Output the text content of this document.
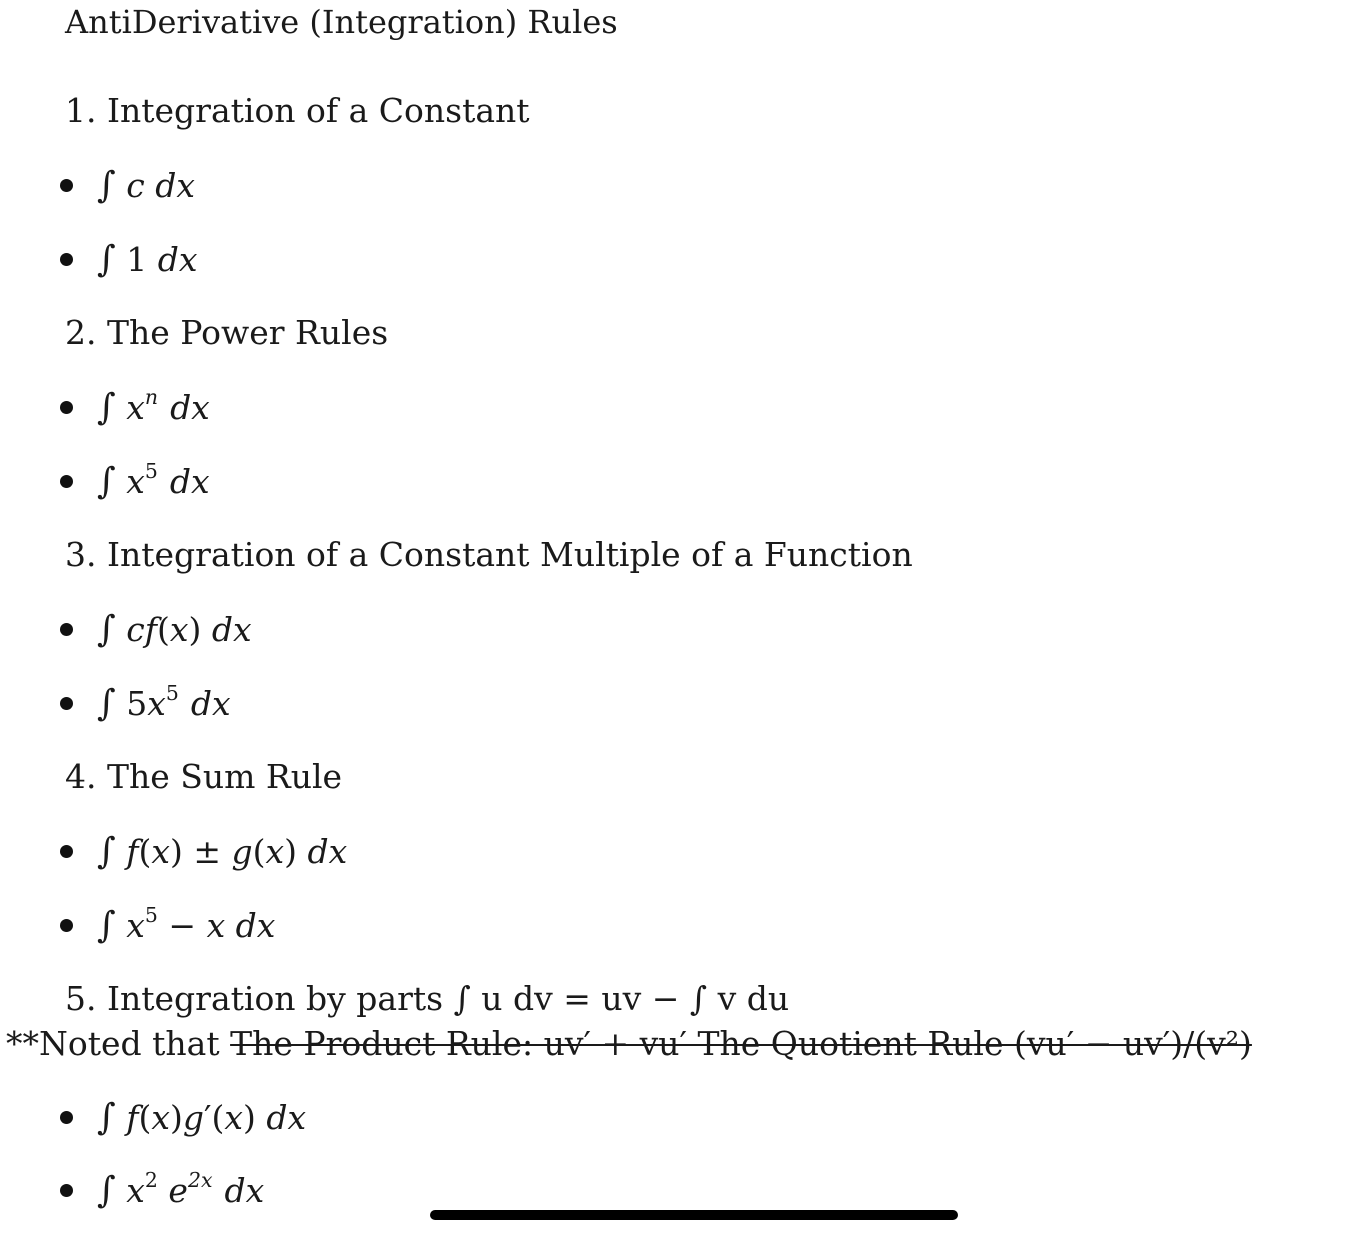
AntiDerivative (Integration) Rules
1. Integration of a Constant
∫ c dx
∫ 1 dx
2. The Power Rules
∫ $x^n$ dx
∫ $x^5$ dx
3. Integration of a Constant Multiple of a Function
∫ cf(x) dx
∫ $5x^5$ dx
4. The Sum Rule
∫ f(x) ± g(x) dx
∫ $x^5 - x$ dx
5. Integration by parts ∫ u dv = uv − ∫ v du
**Noted that The Product Rule: uv′ + vu′ The Quotient Rule (vu′ − uv′)/(v²)
∫ f(x)g′(x) dx
∫ $x^2$ $e^{2x}$ dx
